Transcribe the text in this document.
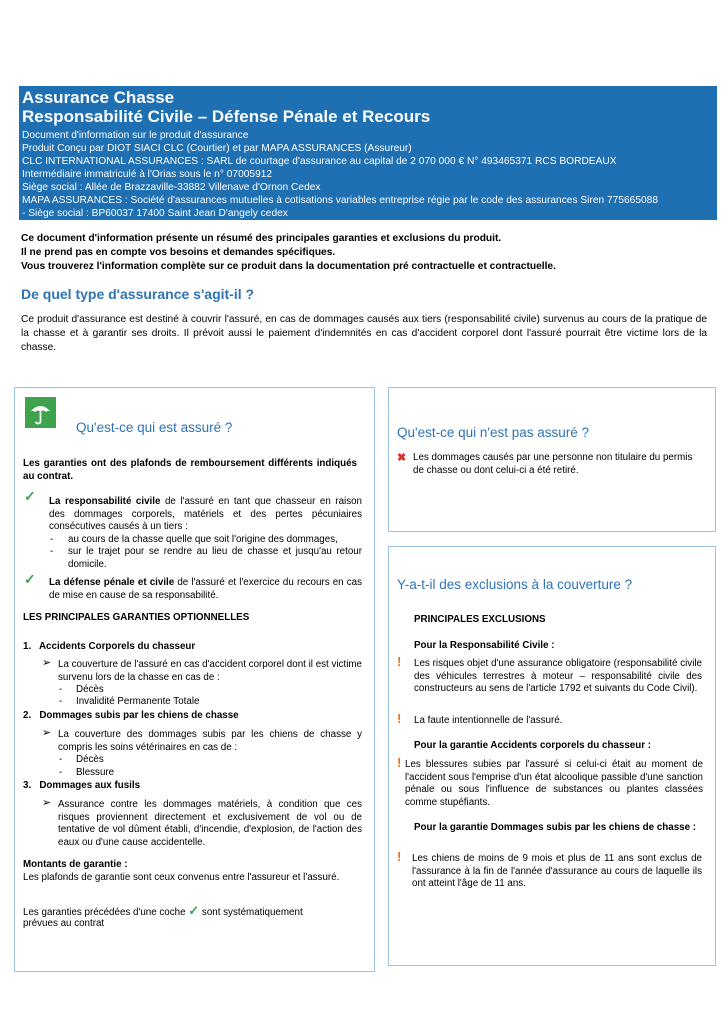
Assurance Chasse
Responsabilité Civile – Défense Pénale et Recours
Document d'information sur le produit d'assurance
Produit Conçu par DIOT SIACI CLC (Courtier) et par MAPA ASSURANCES (Assureur)
CLC INTERNATIONAL ASSURANCES : SARL de courtage d'assurance au capital de 2 070 000 € N° 493465371 RCS BORDEAUX
Intermédiaire immatriculé à l'Orias sous le n° 07005912
Siège social : Allée de Brazzaville-33882 Villenave d'Ornon Cedex
MAPA ASSURANCES : Société d'assurances mutuelles à cotisations variables entreprise régie par le code des assurances Siren 775665088
- Siège social : BP60037 17400 Saint Jean D'angely cedex
Ce document d'information présente un résumé des principales garanties et exclusions du produit.
Il ne prend pas en compte vos besoins et demandes spécifiques.
Vous trouverez l'information complète sur ce produit dans la documentation pré contractuelle et contractuelle.
De quel type d'assurance s'agit-il ?
Ce produit d'assurance est destiné à couvrir l'assuré, en cas de dommages causés aux tiers (responsabilité civile) survenus au cours de la pratique de la chasse et à garantir ses droits. Il prévoit aussi le paiement d'indemnités en cas d'accident corporel dont l'assuré pourrait être victime lors de la chasse.
Qu'est-ce qui est assuré ?
Les garanties ont des plafonds de remboursement différents indiqués au contrat.
✓ La responsabilité civile de l'assuré en tant que chasseur en raison des dommages corporels, matériels et des pertes pécuniaires consécutives causés à un tiers :
- au cours de la chasse quelle que soit l'origine des dommages,
- sur le trajet pour se rendre au lieu de chasse et jusqu'au retour domicile.
✓ La défense pénale et civile de l'assuré et l'exercice du recours en cas de mise en cause de sa responsabilité.
LES PRINCIPALES GARANTIES OPTIONNELLES
1.   Accidents Corporels du chasseur
➢ La couverture de l'assuré en cas d'accident corporel dont il est victime survenu lors de la chasse en cas de :
- Décès
- Invalidité Permanente Totale
2.   Dommages subis par les chiens de chasse
➢ La couverture des dommages subis par les chiens de chasse y compris les soins vétérinaires en cas de :
- Décès
- Blessure
3.   Dommages aux fusils
➢ Assurance contre les dommages matériels, à condition que ces risques proviennent directement et exclusivement de vol ou de tentative de vol dûment établi, d'incendie, d'explosion, de l'action des eaux ou d'une cause accidentelle.
Montants de garantie :
Les plafonds de garantie sont ceux convenus entre l'assureur et l'assuré.
Les garanties précédées d'une coche ✓ sont systématiquement
prévues au contrat
Qu'est-ce qui n'est pas assuré ?
✖ Les dommages causés par une personne non titulaire du permis de chasse ou dont celui-ci a été retiré.
Y-a-t-il des exclusions à la couverture ?
PRINCIPALES EXCLUSIONS
Pour la Responsabilité Civile :
! Les risques objet d'une assurance obligatoire (responsabilité civile des véhicules terrestres à moteur – responsabilité civile des constructeurs au sens de l'article 1792 et suivants du Code Civil).
! La faute intentionnelle de l'assuré.
Pour la garantie Accidents corporels du chasseur :
! Les blessures subies par l'assuré si celui-ci était au moment de l'accident sous l'emprise d'un état alcoolique passible d'une sanction pénale ou sous l'influence de substances ou plantes classées comme stupéfiants.
Pour la garantie Dommages subis par les chiens de chasse :
! Les chiens de moins de 9 mois et plus de 11 ans sont exclus de l'assurance à la fin de l'année d'assurance au cours de laquelle ils ont atteint l'âge de 11 ans.
